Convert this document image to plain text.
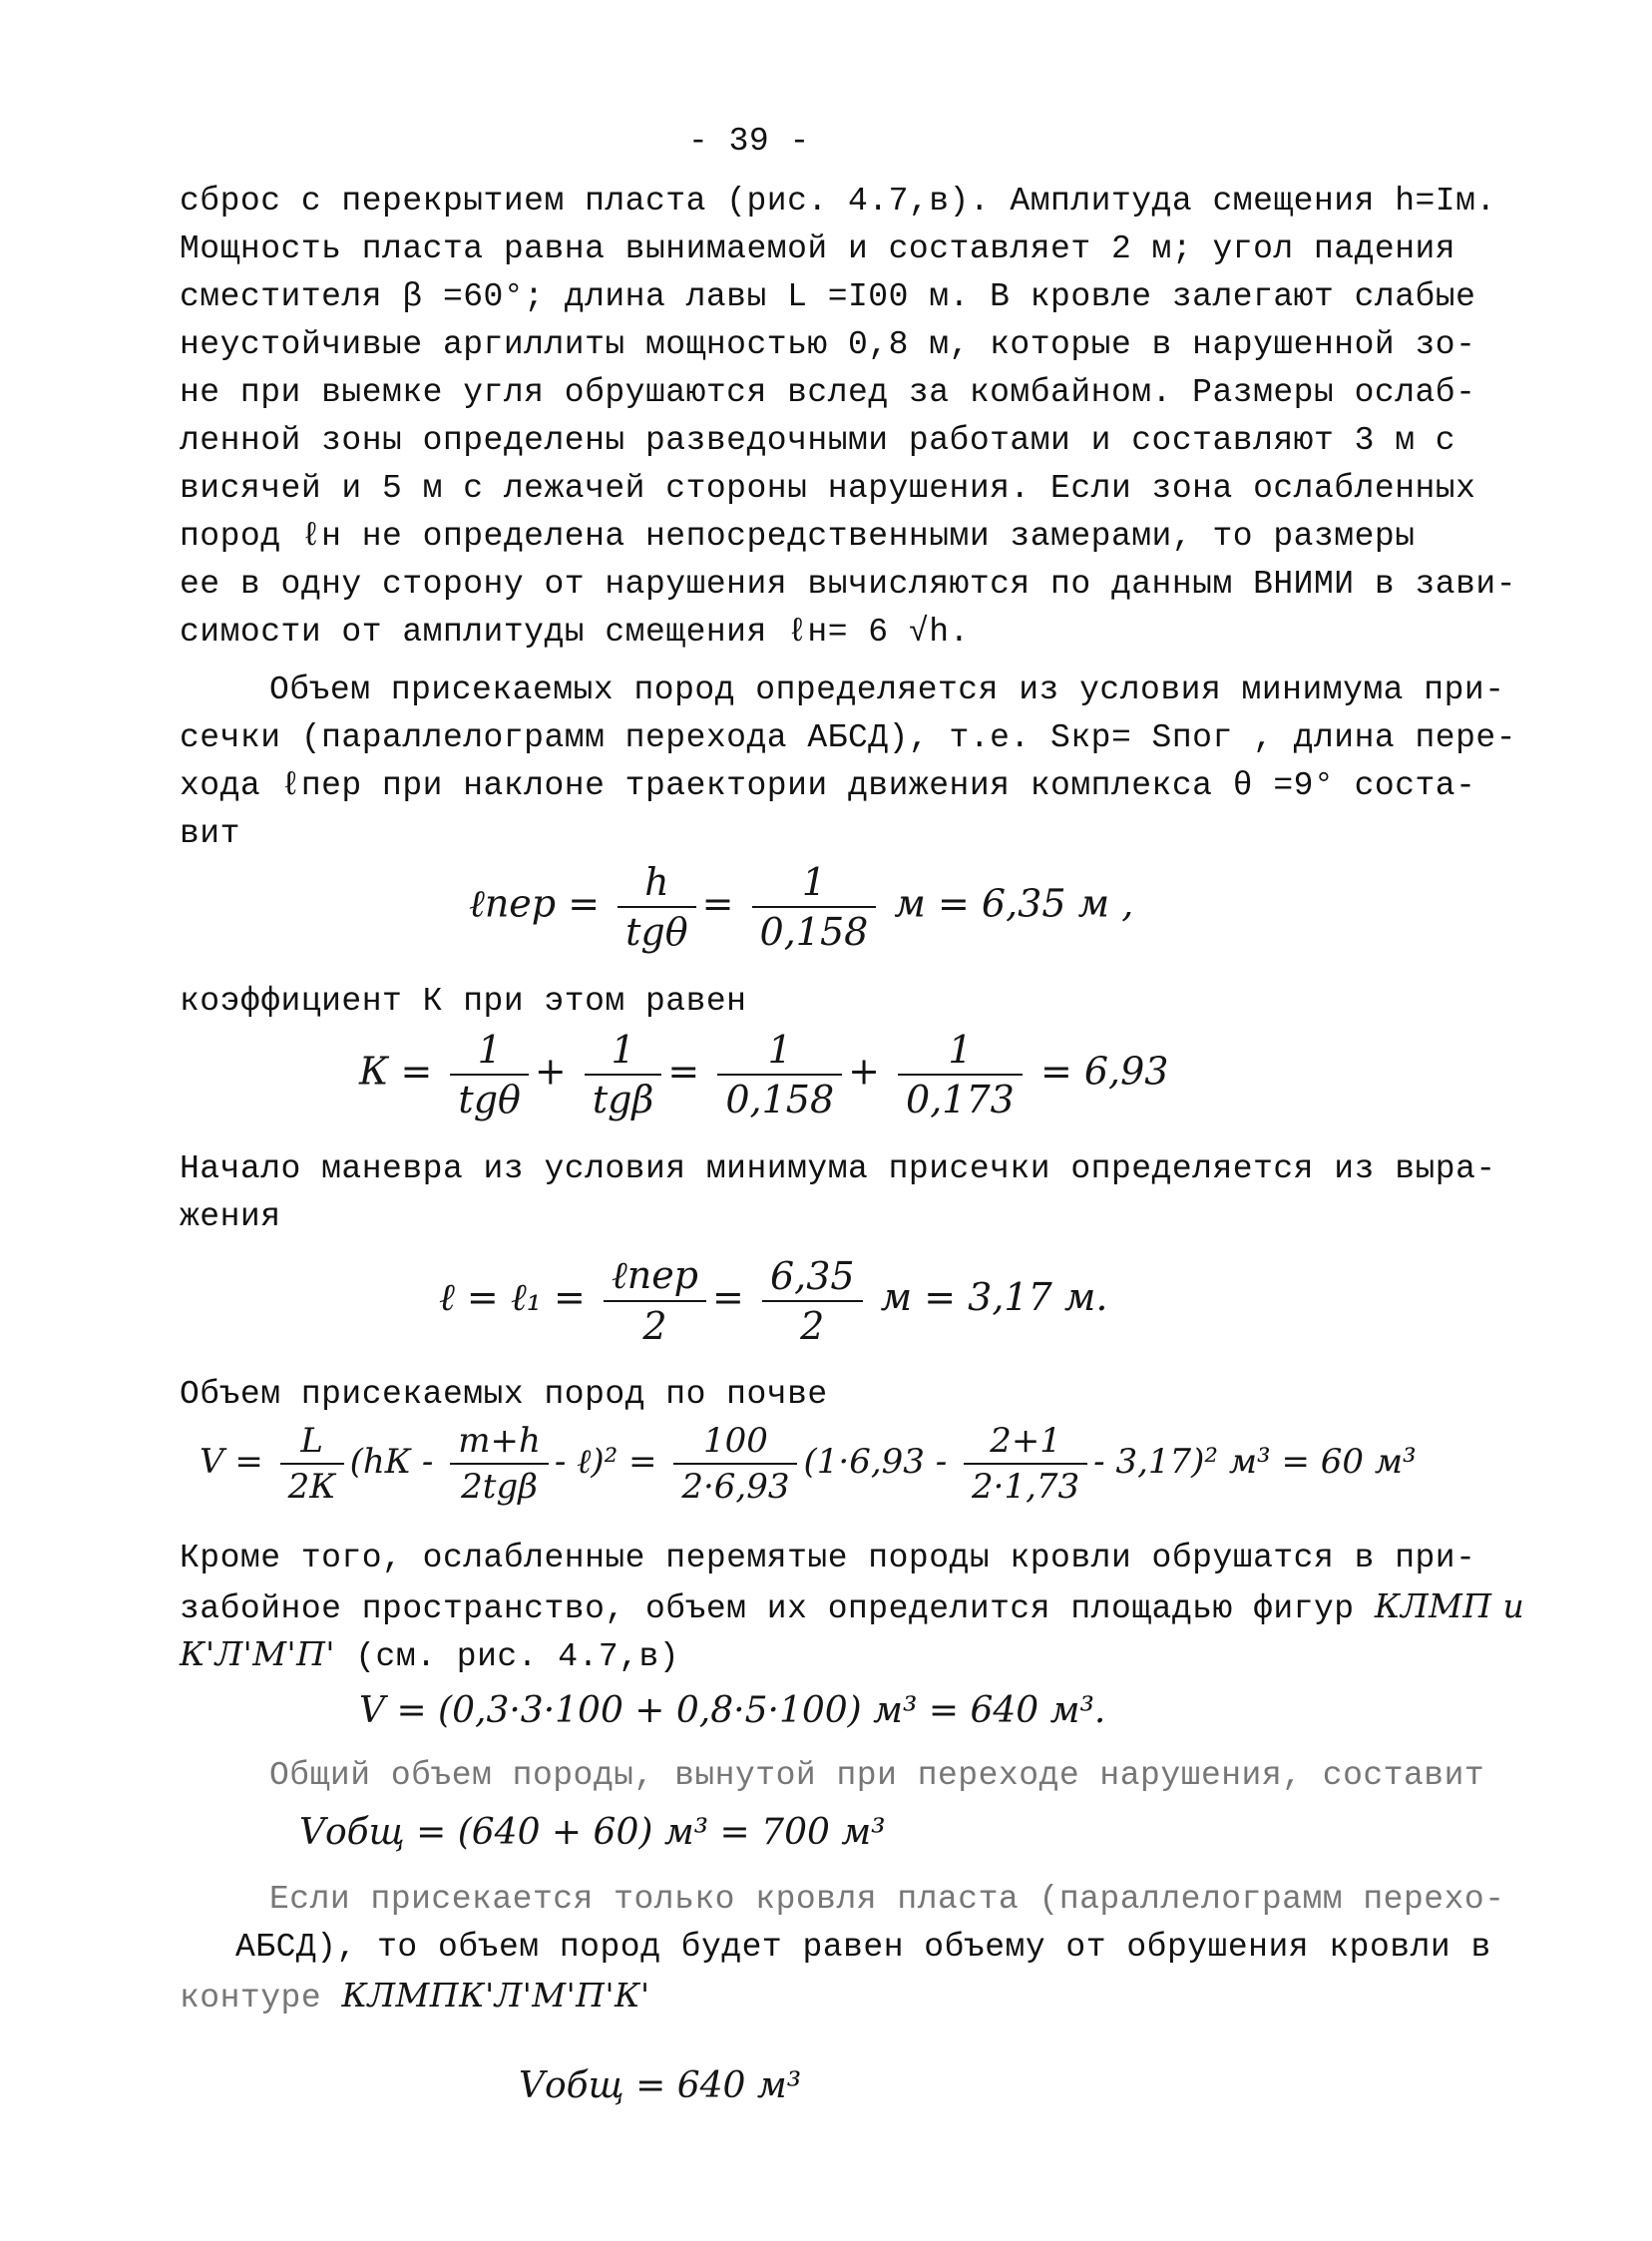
- 39 -
сброс с перекрытием пласта (рис. 4.7,в). Амплитуда смещения h=Iм.
Мощность пласта равна вынимаемой и составляет 2 м; угол падения
сместителя β =60°; длина лавы L =I00 м. В кровле залегают слабые
неустойчивые аргиллиты мощностью 0,8 м, которые в нарушенной зо-
не при выемке угля обрушаются вслед за комбайном. Размеры ослаб-
ленной зоны определены разведочными работами и составляют 3 м с
висячей и 5 м с лежачей стороны нарушения. Если зона ослабленных
пород ℓн не определена непосредственными замерами, то размеры
ее в одну сторону от нарушения вычисляются по данным ВНИМИ в зави-
симости от амплитуды смещения ℓн= 6 √h.
Объем присекаемых пород определяется из условия минимума при-
сечки (параллелограмм перехода АБСД), т.е. Sкр= Sпог , длина пере-
хода ℓпер при наклоне траектории движения комплекса θ =9° соста-
вит
ℓпер = $\frac{h}{\text{tgθ}} = \frac{1}{0,158}$ м = 6,35 м ,
коэффициент К при этом равен
$К = \frac{1}{\text{tgθ}} + \frac{1}{\text{tgβ}} = \frac{1}{0,158} + \frac{1}{0,173} = 6,93$
Начало маневра из условия минимума присечки определяется из выра-
жения
ℓ = ℓ₁ = $\frac{\text{ℓпер}}{2} = \frac{6,35}{2}$ м = 3,17 м.
Объем присекаемых пород по почве
$V = \frac{L}{2К} (hК - \frac{m+h}{\text{2tgβ}}$ - ℓ)² = $\frac{100}{2\cdot 6,93} (1\cdot 6,93 - \frac{2+1}{2\cdot 1,73} - 3,17)^2$ м³ = 60 м³
Кроме того, ослабленные перемятые породы кровли обрушатся в при-
забойное пространство, объем их определится площадью фигур КЛМП и
К'Л'М'П' (см. рис. 4.7,в)
V = (0,3·3·100 + 0,8·5·100) м³ = 640 м³.
Общий объем породы, вынутой при переходе нарушения, составит
Vобщ = (640 + 60) м³ = 700 м³
Если присекается только кровля пласта (параллелограмм перехо-
АБСД), то объем пород будет равен объему от обрушения кровли в
контуре КЛМПК'Л'М'П'К'
Vобщ = 640 м³
